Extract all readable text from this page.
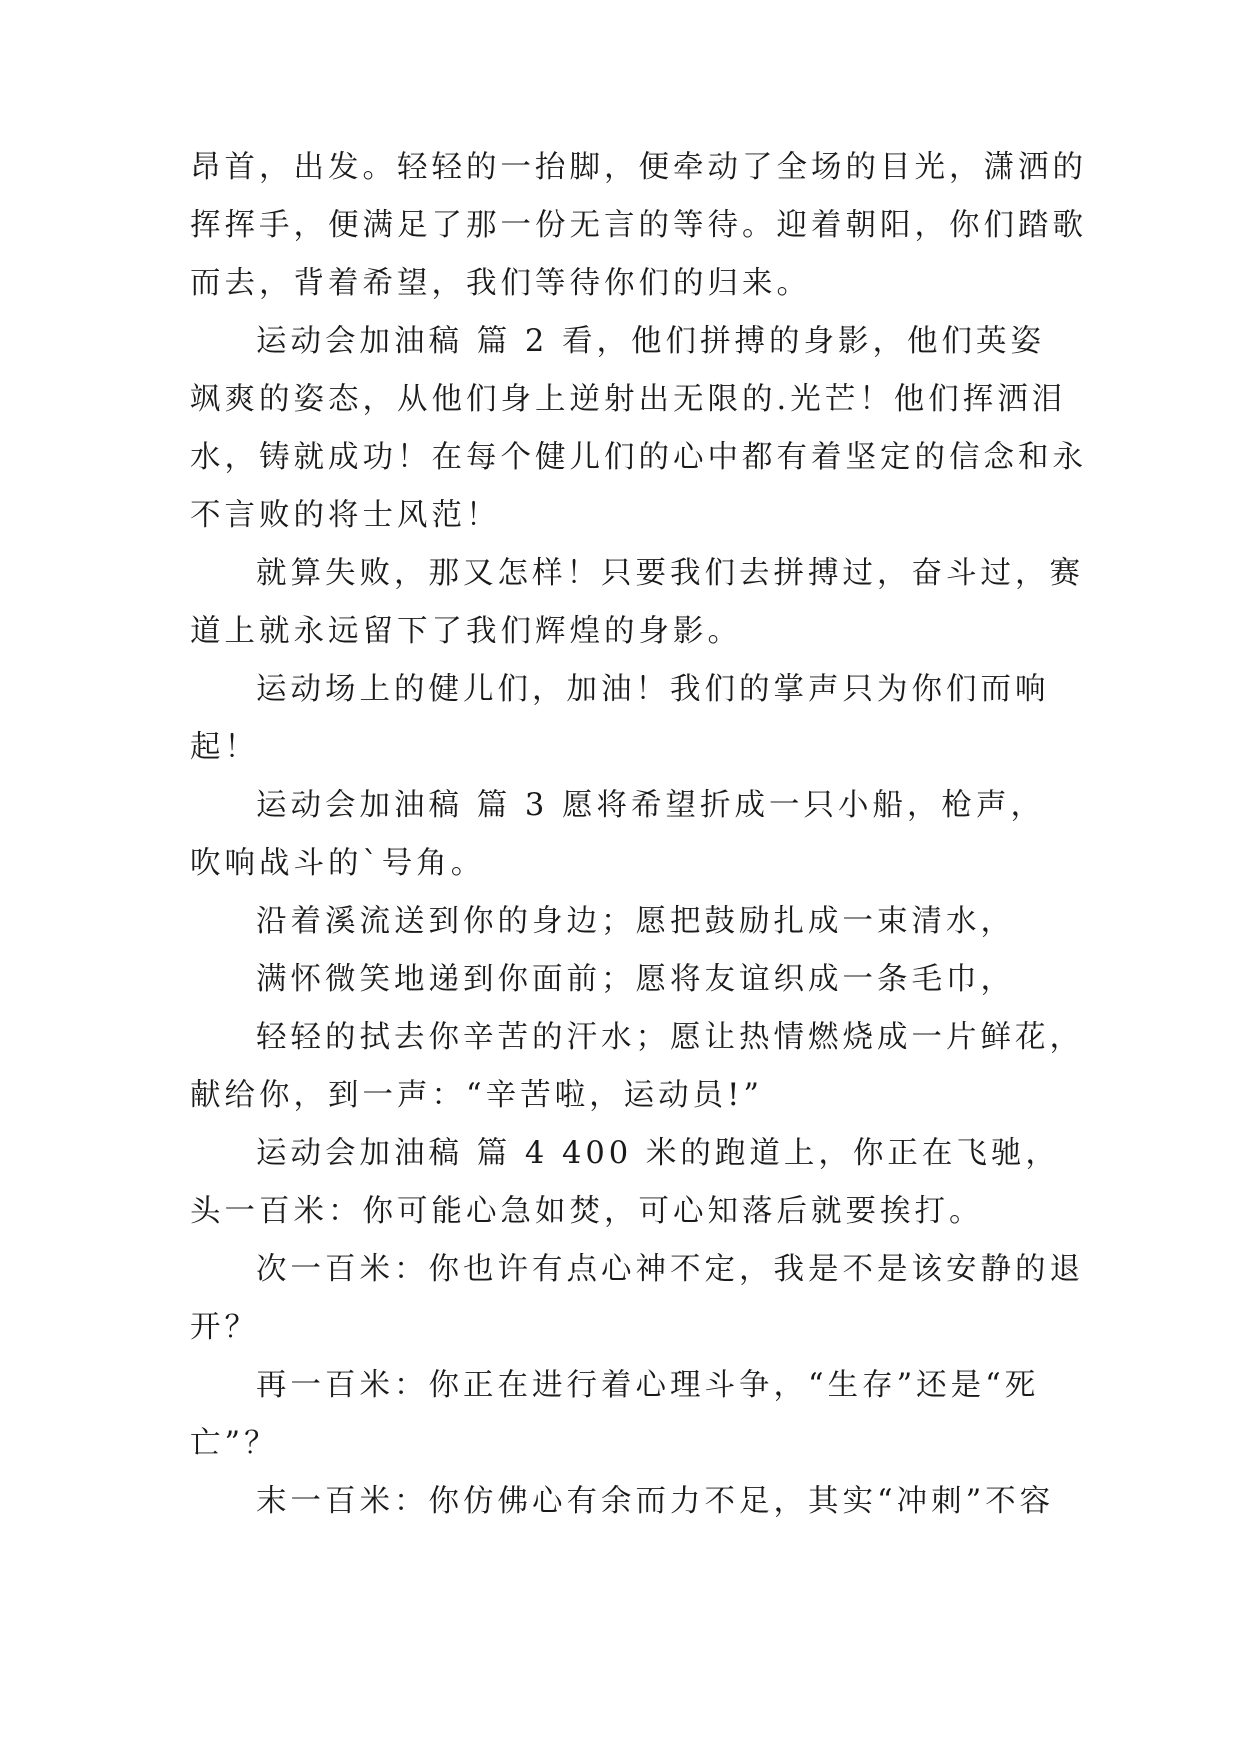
昂首，出发。轻轻的一抬脚，便牵动了全场的目光，潇洒的
挥挥手，便满足了那一份无言的等待。迎着朝阳，你们踏歌
而去，背着希望，我们等待你们的归来。
运动会加油稿 篇 2 看，他们拼搏的身影，他们英姿
飒爽的姿态，从他们身上逆射出无限的.光芒！他们挥洒泪
水，铸就成功！在每个健儿们的心中都有着坚定的信念和永
不言败的将士风范！
就算失败，那又怎样！只要我们去拼搏过，奋斗过，赛
道上就永远留下了我们辉煌的身影。
运动场上的健儿们，加油！我们的掌声只为你们而响
起！
运动会加油稿 篇 3 愿将希望折成一只小船，枪声，
吹响战斗的`号角。
沿着溪流送到你的身边；愿把鼓励扎成一束清水，
满怀微笑地递到你面前；愿将友谊织成一条毛巾，
轻轻的拭去你辛苦的汗水；愿让热情燃烧成一片鲜花，
献给你，到一声：“辛苦啦，运动员!”
运动会加油稿 篇 4 400 米的跑道上，你正在飞驰，
头一百米：你可能心急如焚，可心知落后就要挨打。
次一百米：你也许有点心神不定，我是不是该安静的退
开？
再一百米：你正在进行着心理斗争，“生存”还是“死
亡”？
末一百米：你仿佛心有余而力不足，其实“冲刺”不容
